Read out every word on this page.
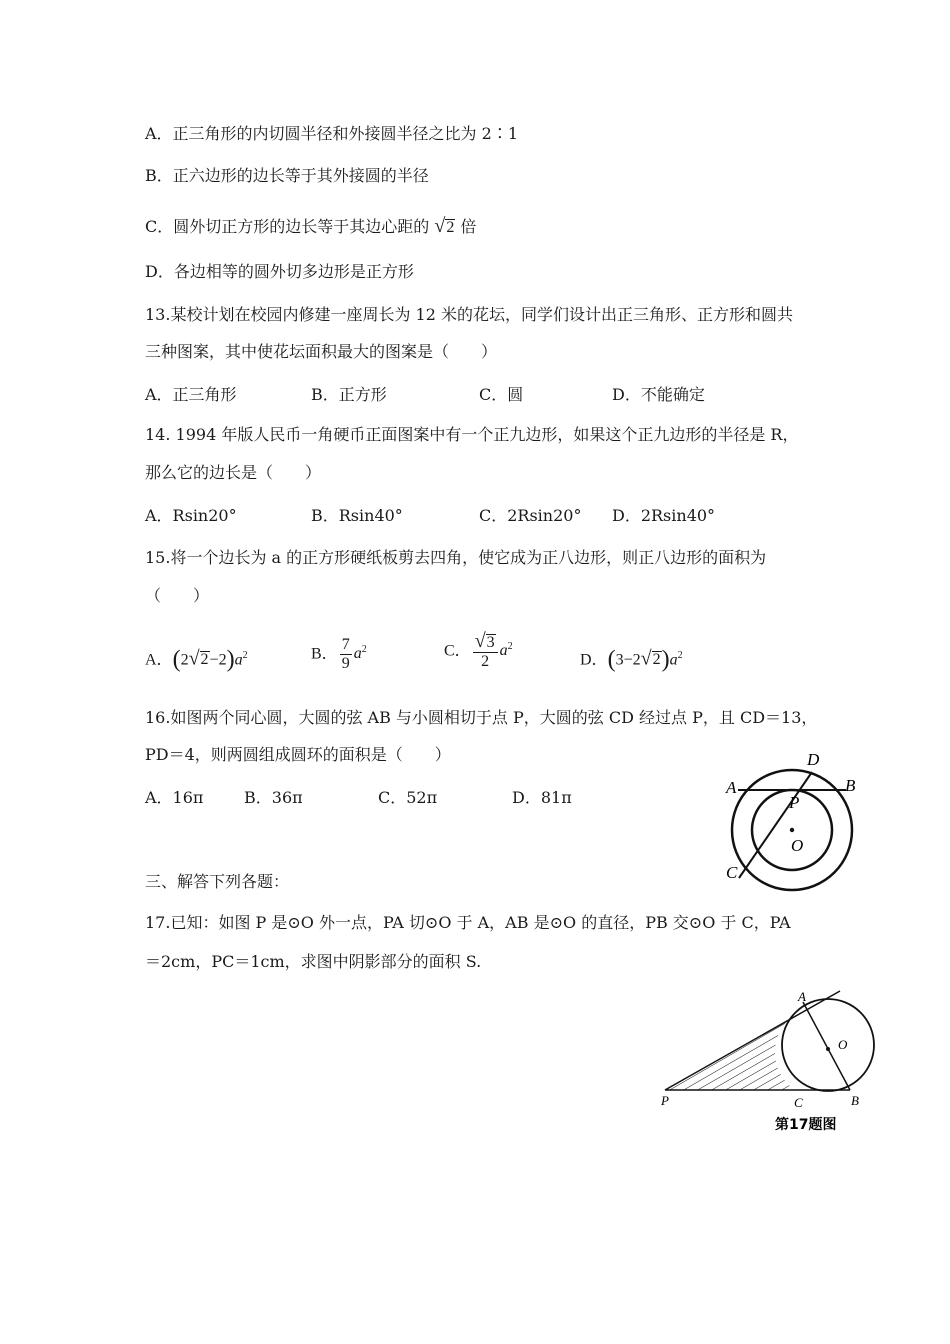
A．正三角形的内切圆半径和外接圆半径之比为 2∶1
B．正六边形的边长等于其外接圆的半径
C．圆外切正方形的边长等于其边心距的 √2 倍
D．各边相等的圆外切多边形是正方形
13.某校计划在校园内修建一座周长为 12 米的花坛，同学们设计出正三角形、正方形和圆共
三种图案，其中使花坛面积最大的图案是（　　）
A．正三角形	B．正方形	C．圆	D．不能确定
14. 1994 年版人民币一角硬币正面图案中有一个正九边形，如果这个正九边形的半径是 R，
那么它的边长是（　　）
A．Rsin20°	B．Rsin40°	C．2Rsin20° D．2Rsin40°
15.将一个边长为 a 的正方形硬纸板剪去四角，使它成为正八边形，则正八边形的面积为
（　　）
A．$(2√2-2)a^2$	B． $\frac{7}{9} a^2$	C． $\frac{√3}{2} a^2$
D．$(3-2√2)a^2$
16.如图两个同心圆，大圆的弦 AB 与小圆相切于点 P，大圆的弦 CD 经过点 P，且 CD＝13，
PD＝4，则两圆组成圆环的面积是（　　）
A．16π	B．36π	C．52π	D．81π
A	B
D
P
O
C
三、解答下列各题：
17.已知：如图 P 是⊙O 外一点，PA 切⊙O 于 A，AB 是⊙O 的直径，PB 交⊙O 于 C，PA
＝2cm，PC＝1cm，求图中阴影部分的面积 S.
A
O
P	C	B
第17题图
